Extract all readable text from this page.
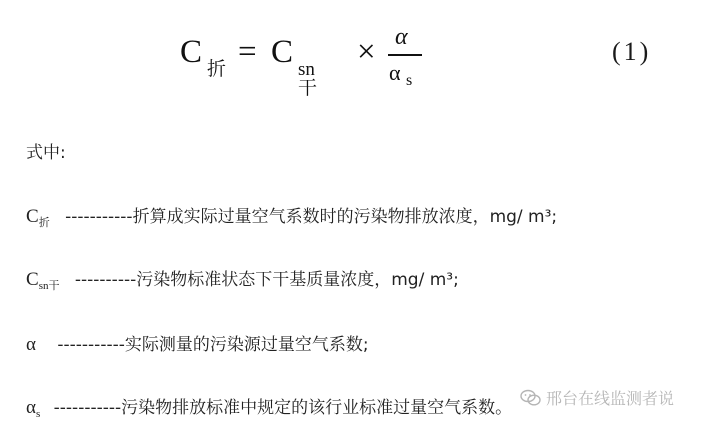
C 折 = C sn 干
× α
α s
(1)
式中:
$C_折$ -----------折算成实际过量空气系数时的污染物排放浓度，mg/ m³;
$C_{sn干}$ ----------污染物标准状态下干基质量浓度，mg/ m³;
α -----------实际测量的污染源过量空气系数;
$\alpha_s$ -----------污染物排放标准中规定的该行业标准过量空气系数。	邢台在线监测者说
